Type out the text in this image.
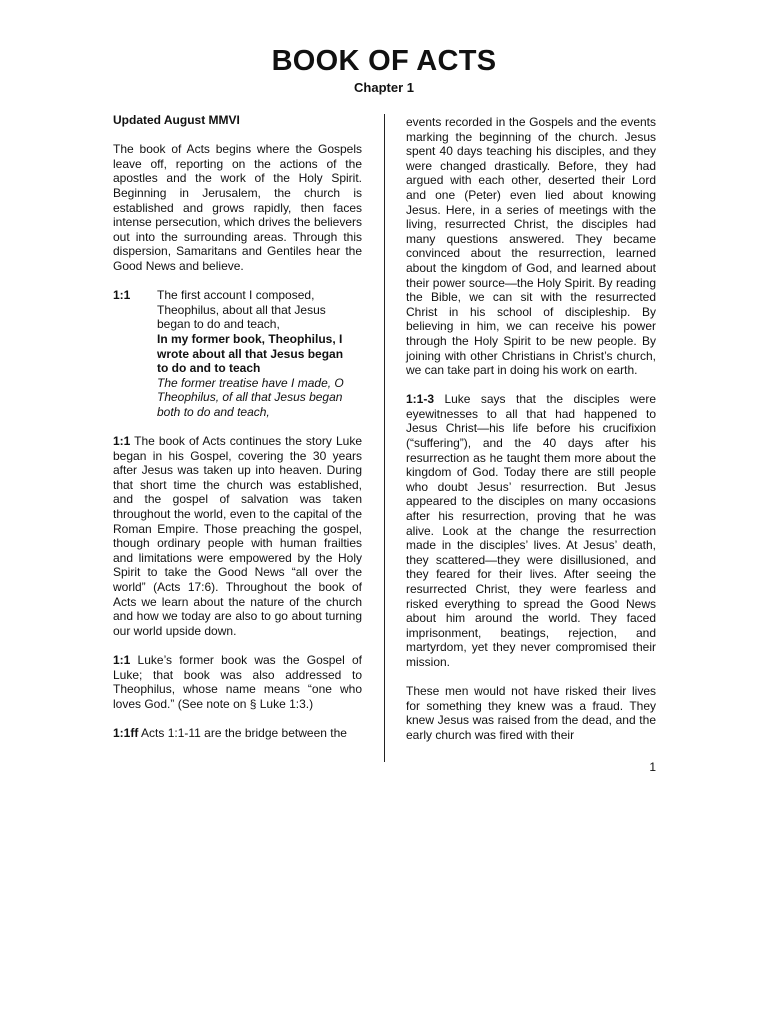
BOOK OF ACTS
Chapter 1
Updated August MMVI
The book of Acts begins where the Gospels leave off, reporting on the actions of the apostles and the work of the Holy Spirit. Beginning in Jerusalem, the church is established and grows rapidly, then faces intense persecution, which drives the believers out into the surrounding areas. Through this dispersion, Samaritans and Gentiles hear the Good News and believe.
1:1	The first account I composed, Theophilus, about all that Jesus began to do and teach,
In my former book, Theophilus, I wrote about all that Jesus began to do and to teach
The former treatise have I made, O Theophilus, of all that Jesus began both to do and teach,
1:1 The book of Acts continues the story Luke began in his Gospel, covering the 30 years after Jesus was taken up into heaven. During that short time the church was established, and the gospel of salvation was taken throughout the world, even to the capital of the Roman Empire. Those preaching the gospel, though ordinary people with human frailties and limitations were empowered by the Holy Spirit to take the Good News “all over the world” (Acts 17:6). Throughout the book of Acts we learn about the nature of the church and how we today are also to go about turning our world upside down.
1:1 Luke’s former book was the Gospel of Luke; that book was also addressed to Theophilus, whose name means “one who loves God.” (See note on § Luke 1:3.)
1:1ff Acts 1:1-11 are the bridge between the
events recorded in the Gospels and the events marking the beginning of the church. Jesus spent 40 days teaching his disciples, and they were changed drastically. Before, they had argued with each other, deserted their Lord and one (Peter) even lied about knowing Jesus. Here, in a series of meetings with the living, resurrected Christ, the disciples had many questions answered. They became convinced about the resurrection, learned about the kingdom of God, and learned about their power source—the Holy Spirit. By reading the Bible, we can sit with the resurrected Christ in his school of discipleship. By believing in him, we can receive his power through the Holy Spirit to be new people. By joining with other Christians in Christ’s church, we can take part in doing his work on earth.
1:1-3 Luke says that the disciples were eyewitnesses to all that had happened to Jesus Christ—his life before his crucifixion (“suffering”), and the 40 days after his resurrection as he taught them more about the kingdom of God. Today there are still people who doubt Jesus’ resurrection. But Jesus appeared to the disciples on many occasions after his resurrection, proving that he was alive. Look at the change the resurrection made in the disciples’ lives. At Jesus’ death, they scattered—they were disillusioned, and they feared for their lives. After seeing the resurrected Christ, they were fearless and risked everything to spread the Good News about him around the world. They faced imprisonment, beatings, rejection, and martyrdom, yet they never compromised their mission.
These men would not have risked their lives for something they knew was a fraud. They knew Jesus was raised from the dead, and the early church was fired with their
1
